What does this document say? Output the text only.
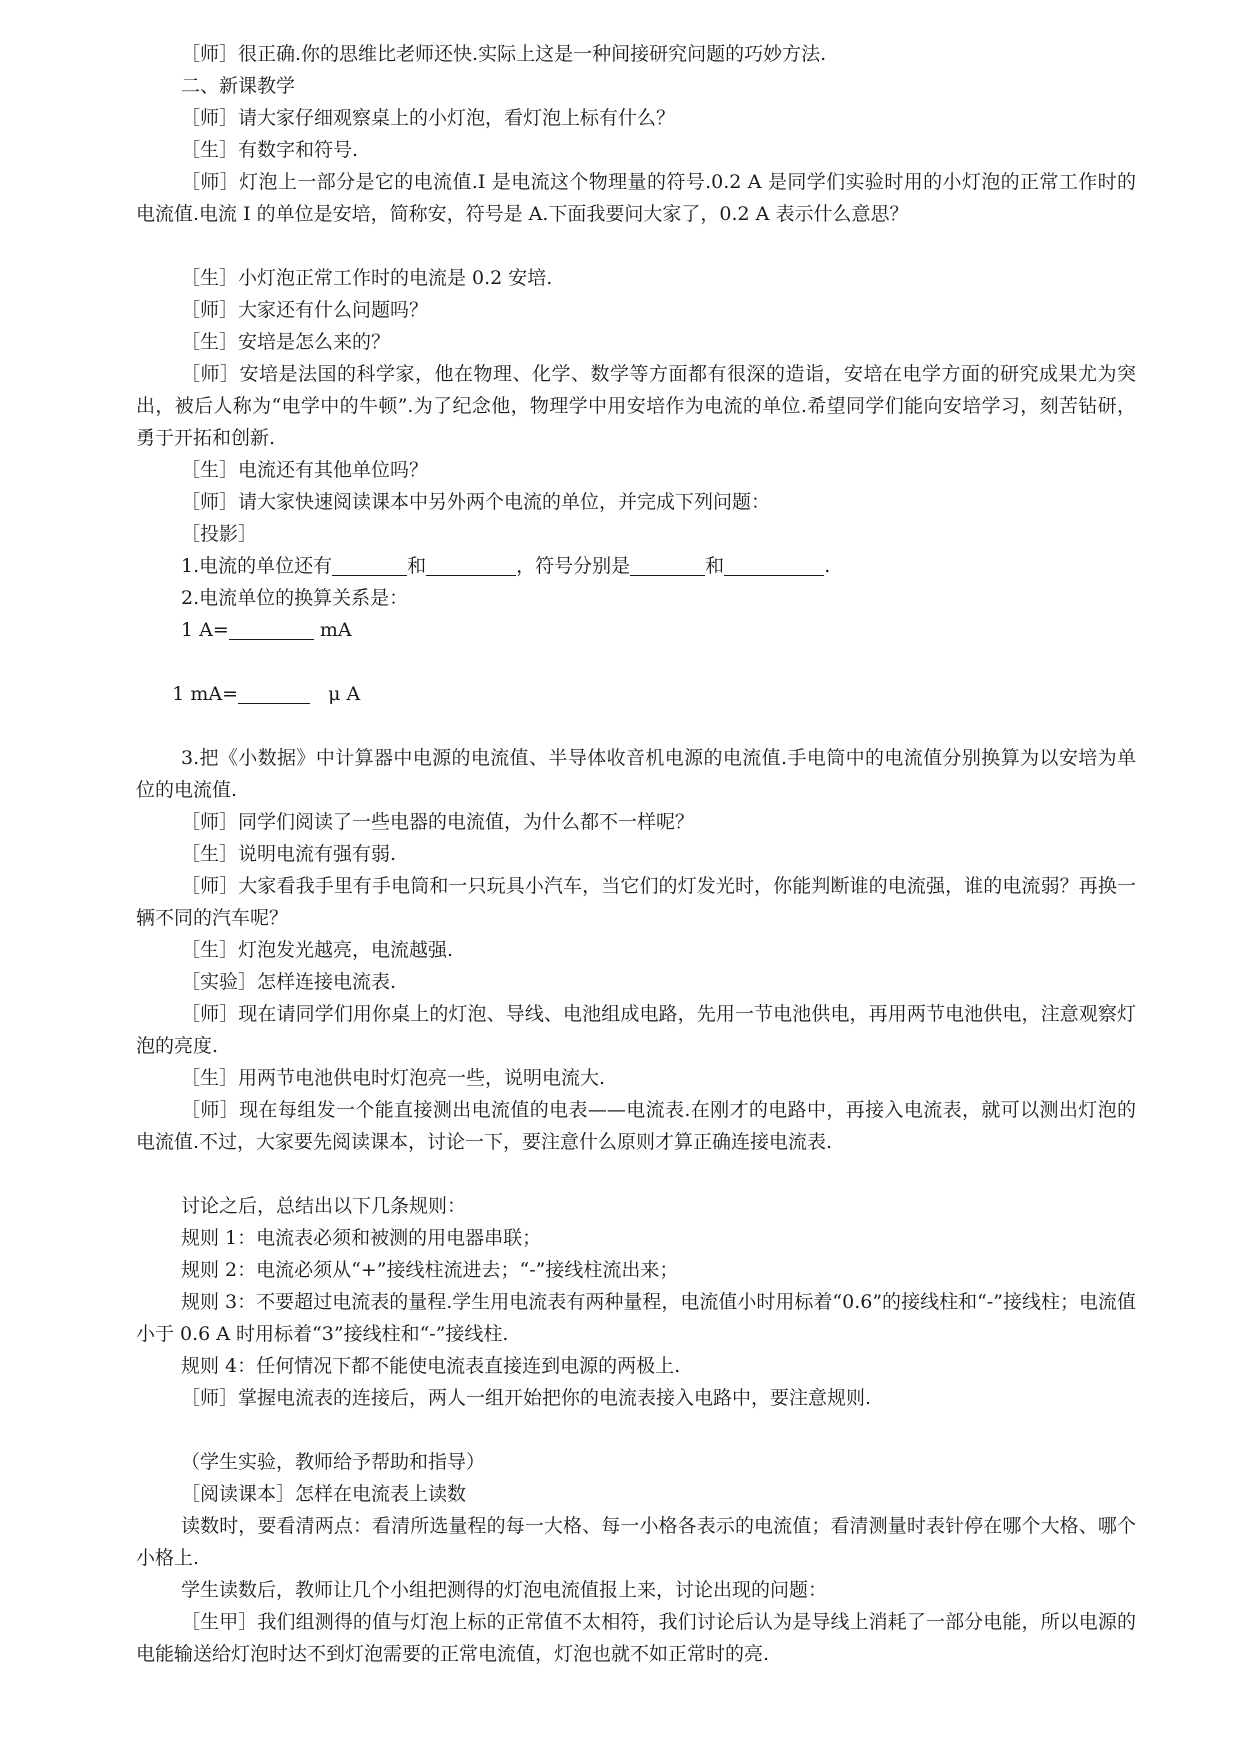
［师］很正确.你的思维比老师还快.实际上这是一种间接研究问题的巧妙方法.

二、新课教学

［师］请大家仔细观察桌上的小灯泡，看灯泡上标有什么？

［生］有数字和符号.

［师］灯泡上一部分是它的电流值.I 是电流这个物理量的符号.0.2 A 是同学们实验时用的小灯泡的正常工作时的电流值.电流 I 的单位是安培，简称安，符号是 A.下面我要问大家了，0.2 A 表示什么意思？

［生］小灯泡正常工作时的电流是 0.2 安培.

［师］大家还有什么问题吗？

［生］安培是怎么来的？

［师］安培是法国的科学家，他在物理、化学、数学等方面都有很深的造诣，安培在电学方面的研究成果尤为突出，被后人称为“电学中的牛顿”.为了纪念他，物理学中用安培作为电流的单位.希望同学们能向安培学习，刻苦钻研，勇于开拓和创新.

［生］电流还有其他单位吗？

［师］请大家快速阅读课本中另外两个电流的单位，并完成下列问题：

［投影］

1.电流的单位还有	和	，符号分别是	和	.

2.电流单位的换算关系是：

1 A=	mA

1 mA=	μ A

3.把《小数据》中计算器中电源的电流值、半导体收音机电源的电流值.手电筒中的电流值分别换算为以安培为单位的电流值.

［师］同学们阅读了一些电器的电流值，为什么都不一样呢？

［生］说明电流有强有弱.

［师］大家看我手里有手电筒和一只玩具小汽车，当它们的灯发光时，你能判断谁的电流强，谁的电流弱？再换一辆不同的汽车呢？

［生］灯泡发光越亮，电流越强.

［实验］怎样连接电流表.

［师］现在请同学们用你桌上的灯泡、导线、电池组成电路，先用一节电池供电，再用两节电池供电，注意观察灯泡的亮度.

［生］用两节电池供电时灯泡亮一些，说明电流大.

［师］现在每组发一个能直接测出电流值的电表——电流表.在刚才的电路中，再接入电流表，就可以测出灯泡的电流值.不过，大家要先阅读课本，讨论一下，要注意什么原则才算正确连接电流表.

讨论之后，总结出以下几条规则：

规则 1：电流表必须和被测的用电器串联；

规则 2：电流必须从“+”接线柱流进去；“-”接线柱流出来；

规则 3：不要超过电流表的量程.学生用电流表有两种量程，电流值小时用标着“0.6”的接线柱和“-”接线柱；电流值小于 0.6 A 时用标着“3”接线柱和“-”接线柱.

规则 4：任何情况下都不能使电流表直接连到电源的两极上.

［师］掌握电流表的连接后，两人一组开始把你的电流表接入电路中，要注意规则.

（学生实验，教师给予帮助和指导）

［阅读课本］怎样在电流表上读数

读数时，要看清两点：看清所选量程的每一大格、每一小格各表示的电流值；看清测量时表针停在哪个大格、哪个小格上.

学生读数后，教师让几个小组把测得的灯泡电流值报上来，讨论出现的问题：

［生甲］我们组测得的值与灯泡上标的正常值不太相符，我们讨论后认为是导线上消耗了一部分电能，所以电源的电能输送给灯泡时达不到灯泡需要的正常电流值，灯泡也就不如正常时的亮.
